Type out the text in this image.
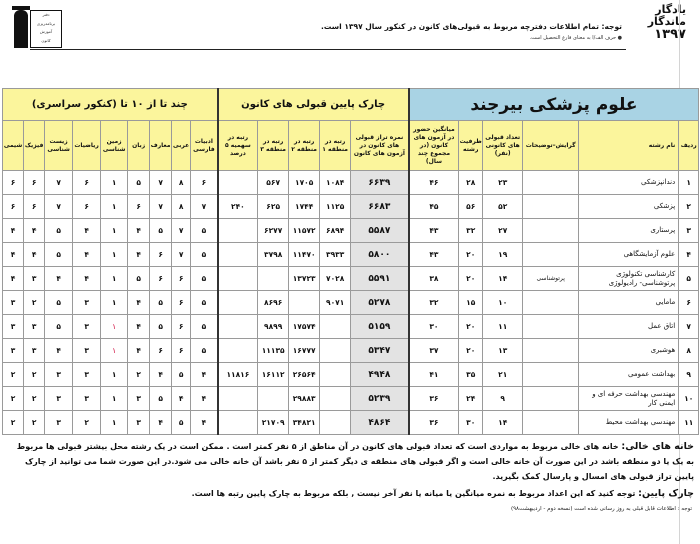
دفتر
برنامه‌ریزی
آموزش
کانون
توجه: تمام اطلاعات دفترچه مربوط به قبولی‌های کانون در کنکور سال ۱۳۹۷ است.
● حرف الف/ا به معنای فارغ التحصیل است.
یادگار
ماندگار
۱۳۹۷
علوم پزشکی بیرجند						چارک پایین قبولی های کانون					چند تا از ۱۰ تا (کنکور سراسری)								
ردیف	نام رشته	گرایش–توضیحات	تعداد قبولی های کانونی (نفر)	ظرفیت رشته	میانگین حضور در آزمون های کانون (در مجموع چند سال)	نمره تراز قبولی های کانون در آزمون های کانون	رتبه در منطقه ۱	رتبه در منطقه ۲	رتبه در منطقه ۳	رتبه در سهمیه ۵ درصد	ادبیات فارسی	عربی	معارف	زبان	زمین شناسی	ریاضیات	زیست شناسی	فیزیک	شیمی
۱	دندانپزشکی		۲۳	۲۸	۴۶	۶۶۳۹	۱۰۸۴	۱۷۰۵	۵۶۷		۶	۸	۷	۵	۱	۶	۷	۶	۶
۲	پزشکی		۵۲	۵۶	۴۵	۶۶۸۳	۱۱۲۵	۱۷۴۴	۶۲۵	۲۴۰	۷	۸	۷	۶	۱	۶	۷	۶	۶
۳	پرستاری		۲۷	۳۲	۴۳	۵۵۸۷	۶۸۹۴	۱۱۵۷۲	۶۲۷۷		۵	۷	۵	۴	۱	۴	۵	۴	۴
۴	علوم آزمایشگاهی		۱۹	۲۰	۴۳	۵۸۰۰	۳۹۳۳	۱۱۴۷۰	۳۷۹۸		۵	۷	۶	۴	۱	۴	۵	۴	۴
۵	کارشناسی تکنولوژی پرتوشناسی- رادیولوژی	پرتوشناسی	۱۴	۲۰	۳۸	۵۵۹۱	۷۰۲۸	۱۳۷۲۳			۵	۶	۶	۵	۱	۴	۴	۳	۴
۶	مامایی		۱۰	۱۵	۳۲	۵۲۷۸	۹۰۷۱		۸۶۹۶		۵	۶	۵	۴	۱	۳	۵	۲	۳
۷	اتاق عمل		۱۱	۲۰	۳۰	۵۱۵۹		۱۷۵۷۴	۹۸۹۹		۵	۶	۵	۴	۱	۳	۵	۳	۳
۸	هوشبری		۱۳	۲۰	۳۷	۵۳۴۷		۱۶۷۷۷	۱۱۱۳۵		۵	۶	۶	۴	۱	۳	۴	۳	۳
۹	بهداشت عمومی		۲۱	۳۵	۴۱	۴۹۴۸		۲۶۵۶۴	۱۶۱۱۲	۱۱۸۱۶	۴	۵	۴	۲	۱	۳	۳	۲	۲
۱۰	مهندسی بهداشت حرفه ای و ایمنی کار		۹	۲۴	۳۶	۵۲۳۹		۲۹۸۸۳			۴	۴	۵	۳	۱	۳	۳	۲	۲
۱۱	مهندسی بهداشت محیط		۱۴	۳۰	۳۶	۴۸۶۴		۳۴۸۲۱	۲۱۷۰۹		۴	۵	۴	۳	۱	۲	۳	۲	۲
خانه های خالی: خانه های خالی مربوط به مواردی است که تعداد قبولی های کانون در آن مناطق از ۵ نفر کمتر است . ممکن است در یک رشته محل بیشتر قبولی ها مربوط به یک یا دو منطقه باشد در این صورت آن خانه خالی است و اگر قبولی های منطقه ی دیگر کمتر از ۵ نفر باشد آن خانه خالی می شود.در این صورت شما می توانید از چارک پایین تراز قبولی های امسال و پارسال کمک بگیرید.
چارک پایین: توجه کنید که این اعداد مربوط به نمره میانگین یا میانه یا نفر آخر نیست , بلکه مربوط به چارک پایین رتبه ها است.
توجه : اطلاعات قابل قبلی به روز رسانی شده است (نسخه دوم - اردیبهشت۹۸)
